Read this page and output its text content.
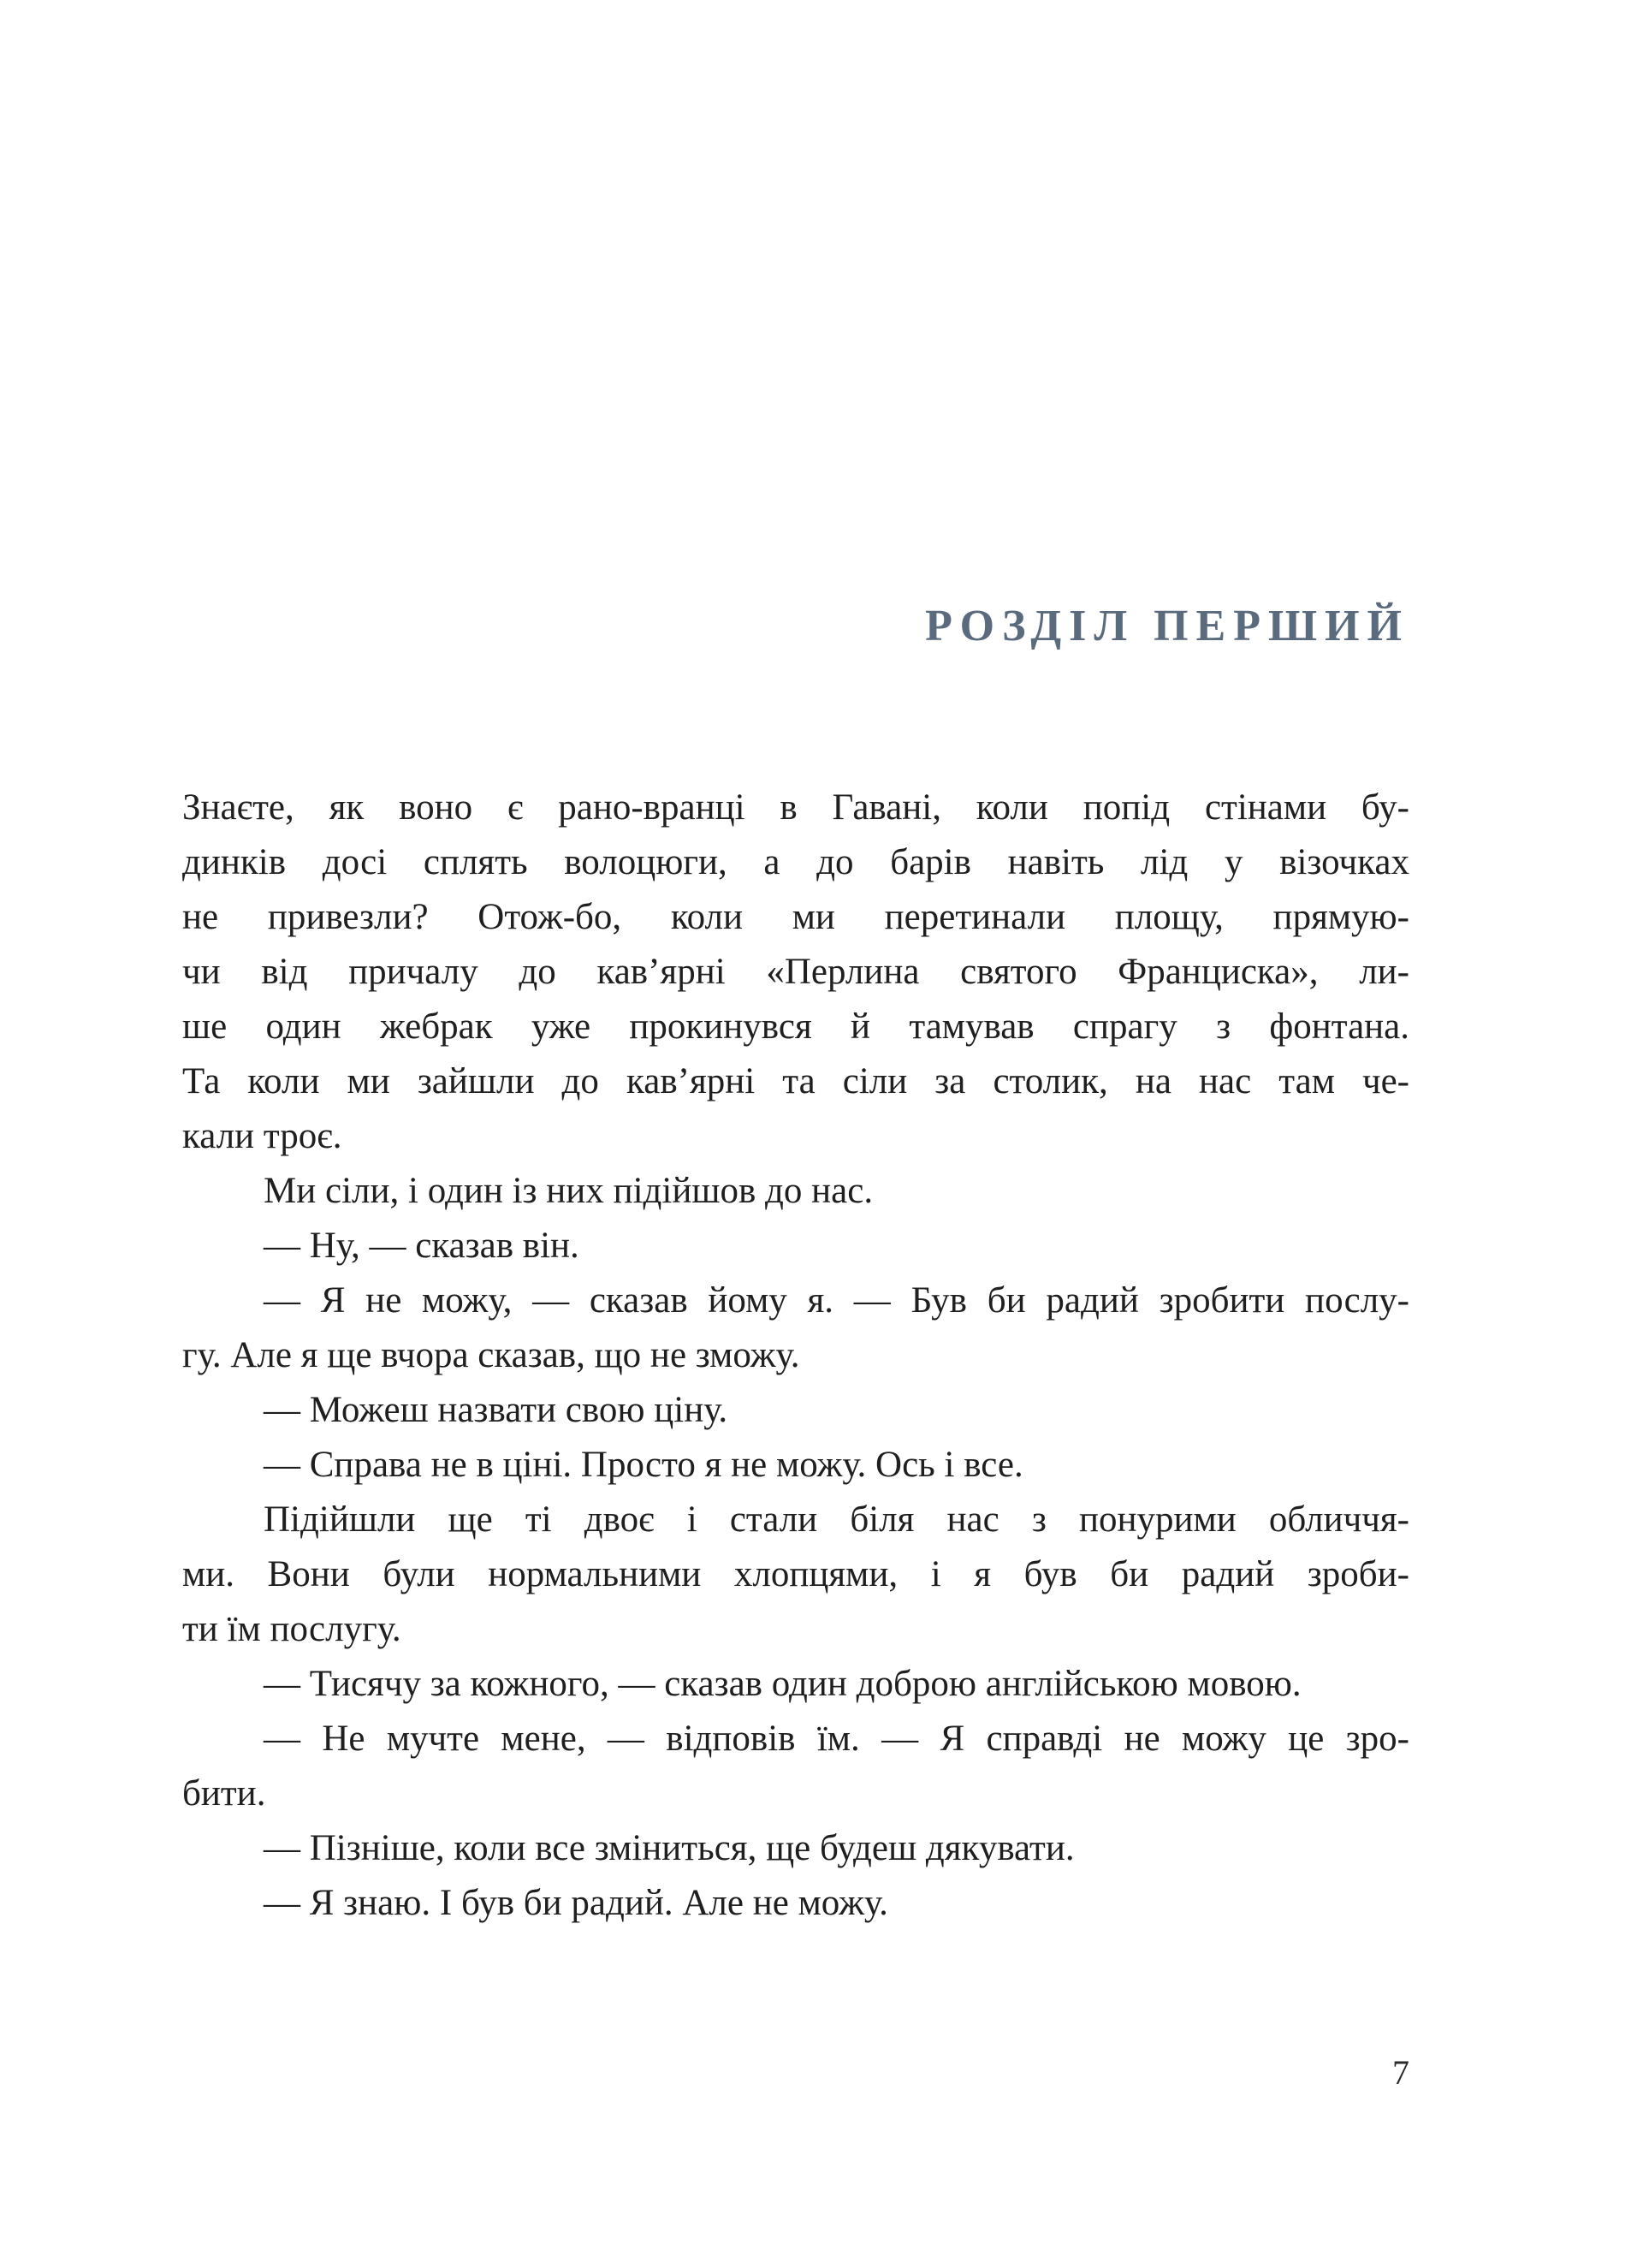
РОЗДІЛ ПЕРШИЙ
Знаєте, як воно є рано-вранці в Гавані, коли попід стінами бу-
динків досі сплять волоцюги, а до барів навіть лід у візочках
не привезли? Отож-бо, коли ми перетинали площу, прямую-
чи від причалу до кав’ярні «Перлина святого Франциска», ли-
ше один жебрак уже прокинувся й тамував спрагу з фонтана.
Та коли ми зайшли до кав’ярні та сіли за столик, на нас там че-
кали троє.
Ми сіли, і один із них підійшов до нас.
— Ну, — сказав він.
— Я не можу, — сказав йому я. — Був би радий зробити послу-
гу. Але я ще вчора сказав, що не зможу.
— Можеш назвати свою ціну.
— Справа не в ціні. Просто я не можу. Ось і все.
Підійшли ще ті двоє і стали біля нас з понурими обличчя-
ми. Вони були нормальними хлопцями, і я був би радий зроби-
ти їм послугу.
— Тисячу за кожного, — сказав один доброю англійською мовою.
— Не мучте мене, — відповів їм. — Я справді не можу це зро-
бити.
— Пізніше, коли все зміниться, ще будеш дякувати.
— Я знаю. І був би радий. Але не можу.
7
